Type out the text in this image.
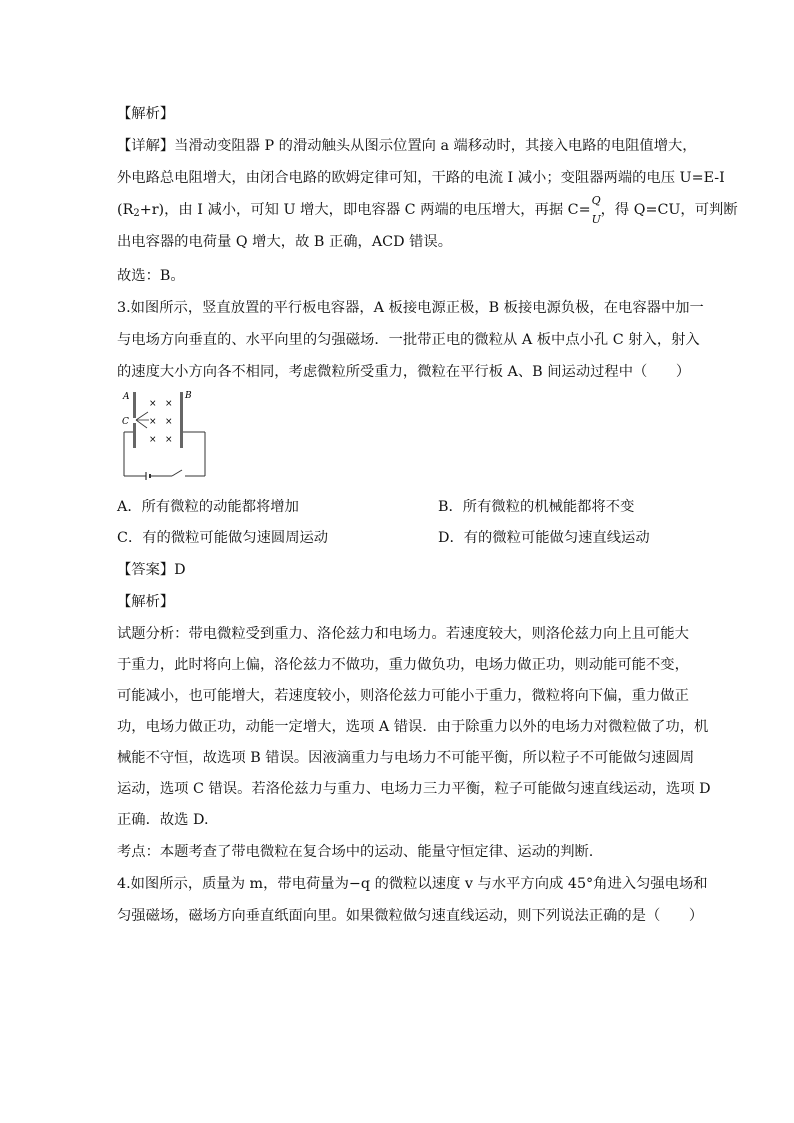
【解析】
【详解】当滑动变阻器 P 的滑动触头从图示位置向 a 端移动时，其接入电路的电阻值增大，
外电路总电阻增大，由闭合电路的欧姆定律可知，干路的电流 I 减小；变阻器两端的电压 U=E-I
$(R_2+r)$，由 I 减小，可知 U 增大，即电容器 C 两端的电压增大，再据 C=
Q
U
，得 Q=CU，可判断
出电容器的电荷量 Q 增大，故 B 正确，ACD 错误。
故选：B。
3.如图所示，竖直放置的平行板电容器，A 板接电源正极，B 板接电源负极，在电容器中加一
与电场方向垂直的、水平向里的匀强磁场．一批带正电的微粒从 A 板中点小孔 C 射入，射入
的速度大小方向各不相同，考虑微粒所受重力，微粒在平行板 A、B 间运动过程中（　　）
A	B
C
× ×
× ×
× ×
A．所有微粒的动能都将增加	B．所有微粒的机械能都将不变
C．有的微粒可能做匀速圆周运动	D．有的微粒可能做匀速直线运动
【答案】D
【解析】
试题分析：带电微粒受到重力、洛伦兹力和电场力。若速度较大，则洛伦兹力向上且可能大
于重力，此时将向上偏，洛伦兹力不做功，重力做负功，电场力做正功，则动能可能不变，
可能减小，也可能增大，若速度较小，则洛伦兹力可能小于重力，微粒将向下偏，重力做正
功，电场力做正功，动能一定增大，选项 A 错误．由于除重力以外的电场力对微粒做了功，机
械能不守恒，故选项 B 错误。因液滴重力与电场力不可能平衡，所以粒子不可能做匀速圆周
运动，选项 C 错误。若洛伦兹力与重力、电场力三力平衡，粒子可能做匀速直线运动，选项 D
正确．故选 D.
考点：本题考查了带电微粒在复合场中的运动、能量守恒定律、运动的判断.
4.如图所示，质量为 m，带电荷量为−q 的微粒以速度 v 与水平方向成 45°角进入匀强电场和
匀强磁场，磁场方向垂直纸面向里。如果微粒做匀速直线运动，则下列说法正确的是（　　）
